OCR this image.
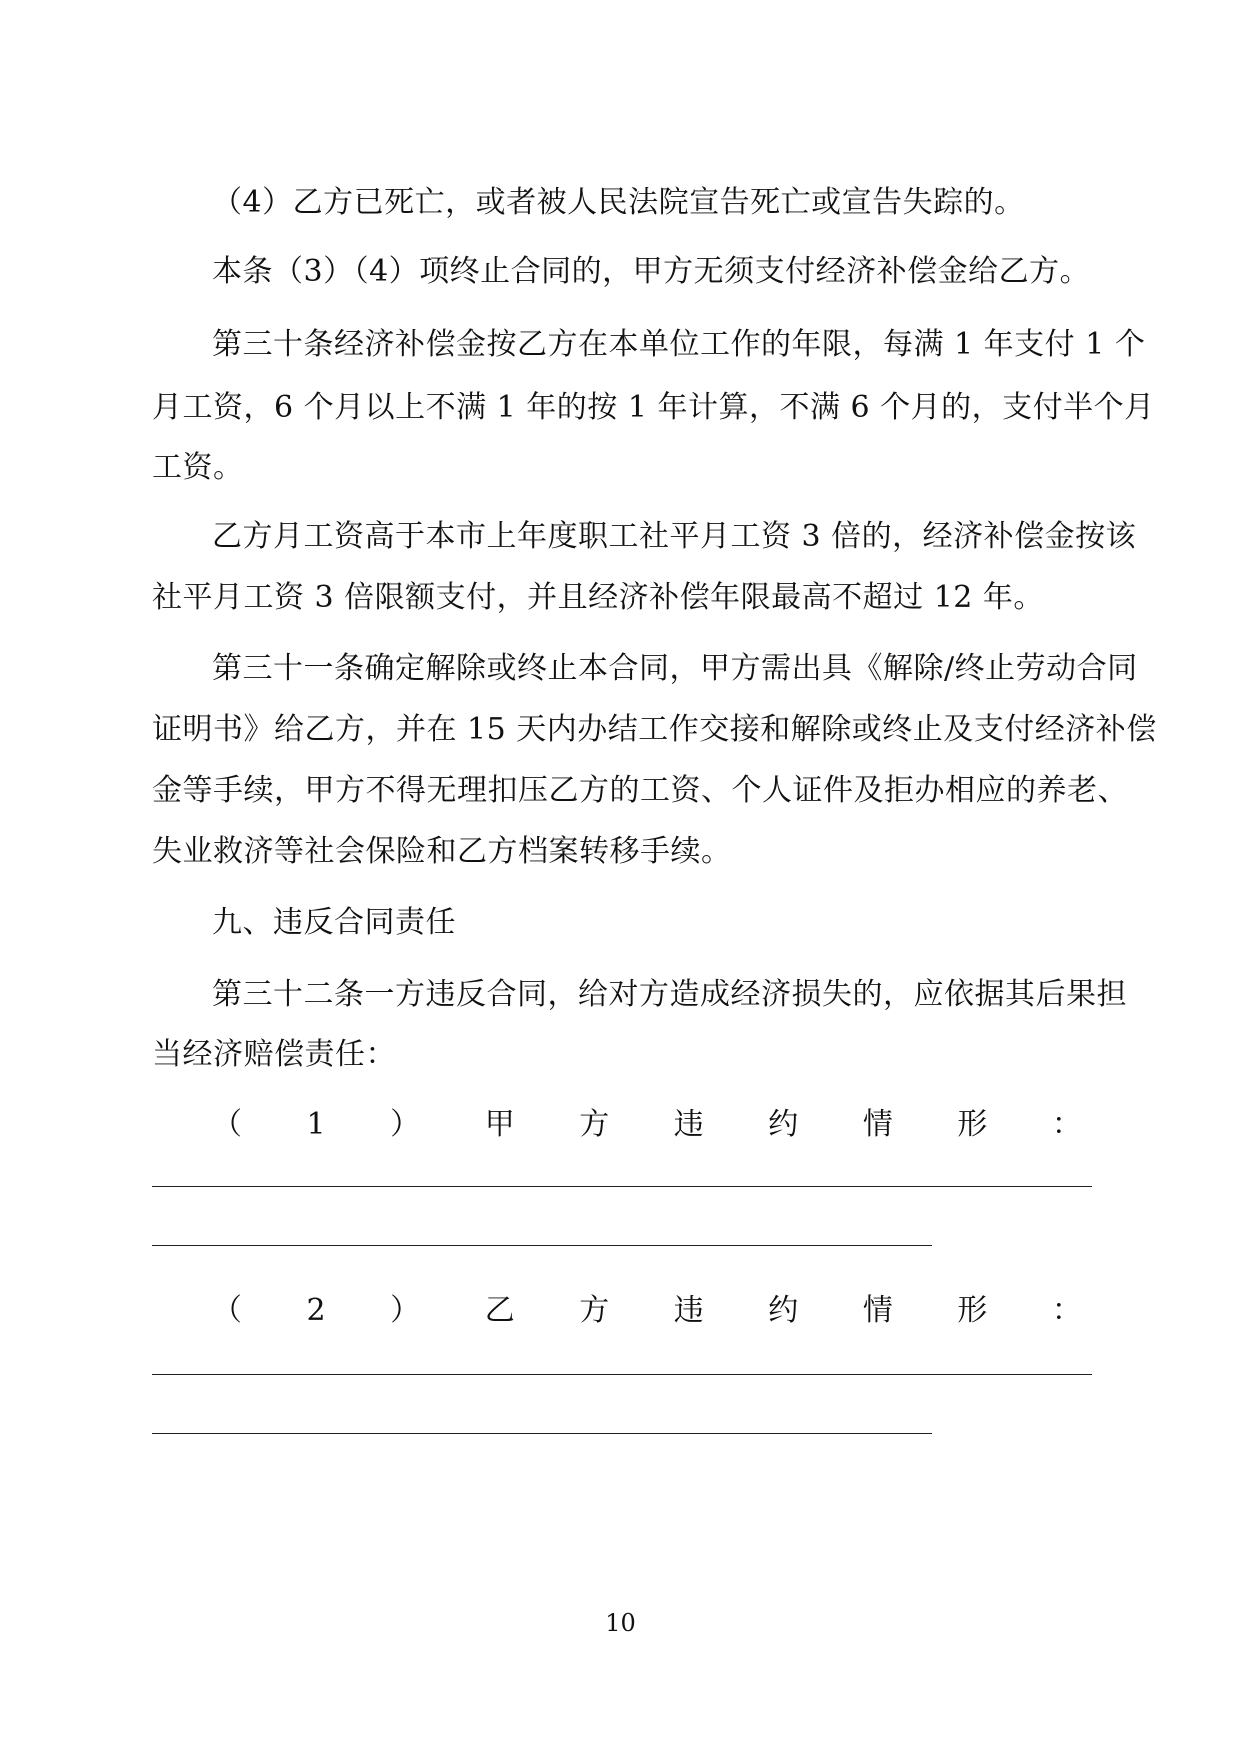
（4）乙方已死亡，或者被人民法院宣告死亡或宣告失踪的。
本条（3）（4）项终止合同的，甲方无须支付经济补偿金给乙方。
第三十条经济补偿金按乙方在本单位工作的年限，每满 1 年支付 1 个
月工资，6 个月以上不满 1 年的按 1 年计算，不满 6 个月的，支付半个月
工资。
乙方月工资高于本市上年度职工社平月工资 3 倍的，经济补偿金按该
社平月工资 3 倍限额支付，并且经济补偿年限最高不超过 12 年。
第三十一条确定解除或终止本合同，甲方需出具《解除/终止劳动合同
证明书》给乙方，并在 15 天内办结工作交接和解除或终止及支付经济补偿
金等手续，甲方不得无理扣压乙方的工资、个人证件及拒办相应的养老、
失业救济等社会保险和乙方档案转移手续。
九、违反合同责任
第三十二条一方违反合同，给对方造成经济损失的，应依据其后果担
当经济赔偿责任：
（ 1 ） 甲 方 违 约 情 形 ：
（ 2 ） 乙 方 违 约 情 形 ：
10
